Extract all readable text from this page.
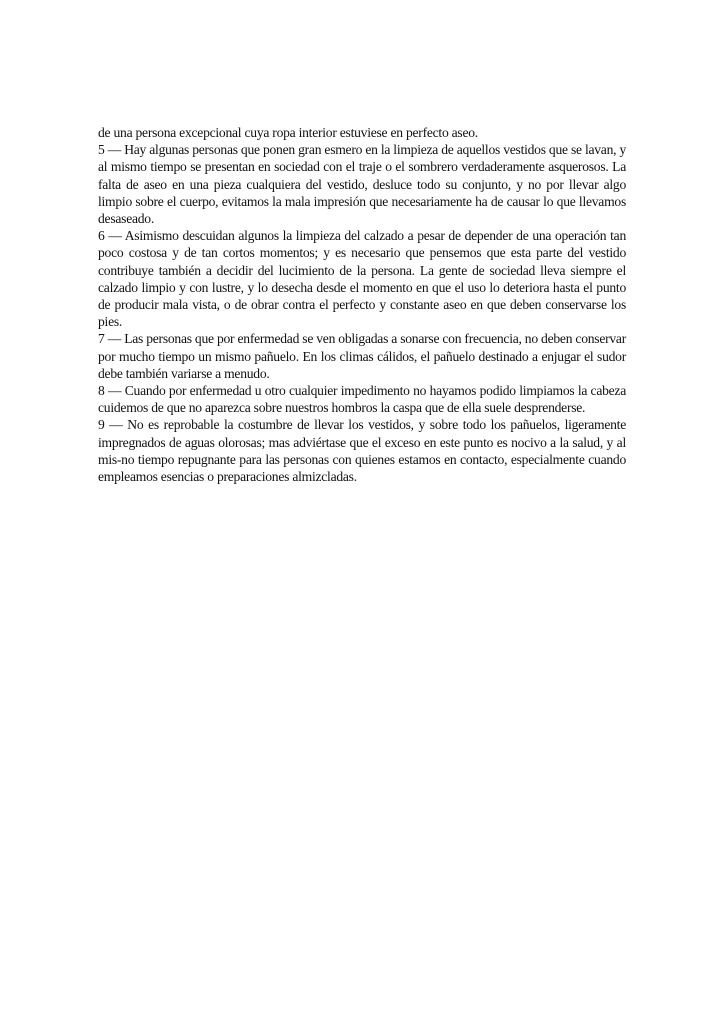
de una persona excepcional cuya ropa interior estuviese en perfecto aseo.

5 — Hay algunas personas que ponen gran esmero en la limpieza de aquellos vestidos que se lavan, y al mismo tiempo se presentan en sociedad con el traje o el sombrero verdaderamente asquerosos. La falta de aseo en una pieza cualquiera del vestido, desluce todo su conjunto, y no por llevar algo limpio sobre el cuerpo, evitamos la mala impresión que necesariamente ha de causar lo que llevamos desaseado.

6 — Asimismo descuidan algunos la limpieza del calzado a pesar de depender de una operación tan poco costosa y de tan cortos momentos; y es necesario que pensemos que esta parte del vestido contribuye también a decidir del lucimiento de la persona. La gente de sociedad lleva siempre el calzado limpio y con lustre, y lo desecha desde el momento en que el uso lo deteriora hasta el punto de producir mala vista, o de obrar contra el perfecto y constante aseo en que deben conservarse los pies.

7 — Las personas que por enfermedad se ven obligadas a sonarse con frecuencia, no deben conservar por mucho tiempo un mismo pañuelo. En los climas cálidos, el pañuelo destinado a enjugar el sudor debe también variarse a menudo.

8 — Cuando por enfermedad u otro cualquier impedimento no hayamos podido limpiamos la cabeza cuidemos de que no aparezca sobre nuestros hombros la caspa que de ella suele desprenderse.

9 — No es reprobable la costumbre de llevar los vestidos, y sobre todo los pañuelos, ligeramente impregnados de aguas olorosas; mas adviértase que el exceso en este punto es nocivo a la salud, y al mis-no tiempo repugnante para las personas con quienes estamos en contacto, especialmente cuando empleamos esencias o preparaciones almizcladas.
